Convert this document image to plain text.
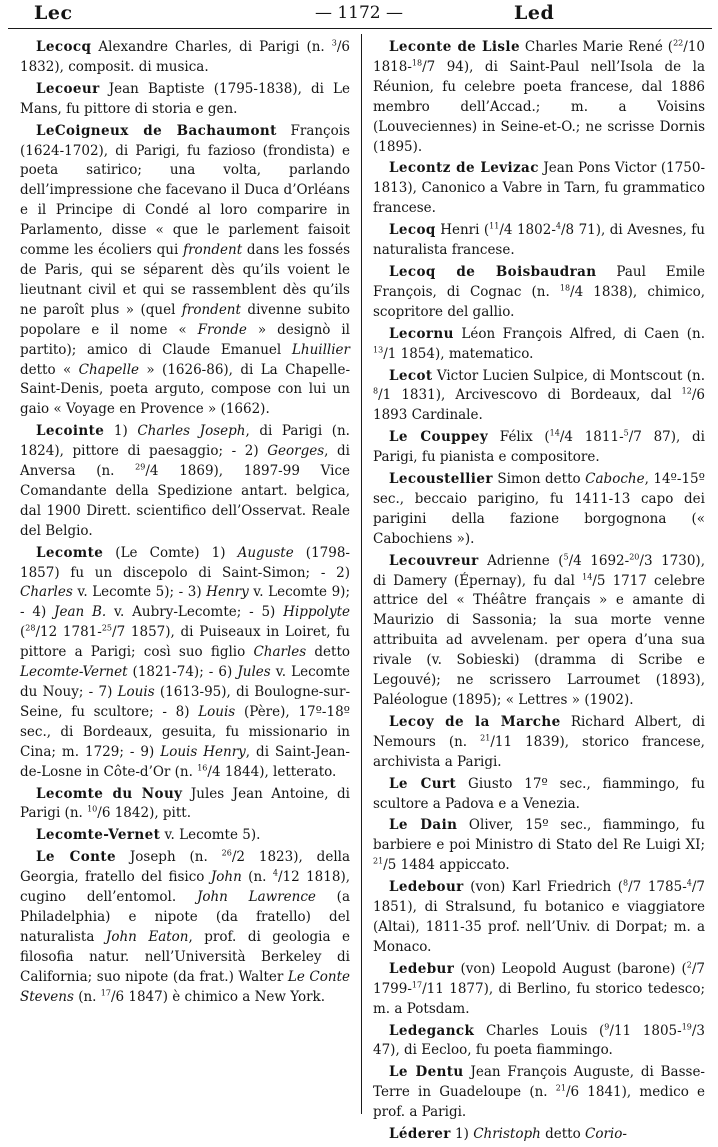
Lec	— 1172 —	Led

Lecocq Alexandre Charles, di Parigi (n. $^3$/6 1832), composit. di musica.

Lecoeur Jean Baptiste (1795-1838), di Le Mans, fu pittore di storia e gen.

LeCoigneux de Bachaumont François (1624-1702), di Parigi, fu fazioso (frondista) e poeta satirico; una volta, parlando dell’impressione che facevano il Duca d’Orléans e il Principe di Condé al loro comparire in Parlamento, disse « que le parlement faisoit comme les écoliers qui frondent dans les fossés de Paris, qui se séparent dès qu’ils voient le lieutnant civil et qui se rassemblent dès qu’ils ne paroît plus » (quel frondent divenne subito popolare e il nome « Fronde » designò il partito); amico di Claude Emanuel Lhuillier detto « Chapelle » (1626-86), di La Chapelle-Saint-Denis, poeta arguto, compose con lui un gaio « Voyage en Provence » (1662).

Lecointe 1) Charles Joseph, di Parigi (n. 1824), pittore di paesaggio; - 2) Georges, di Anversa (n. $^{29}$/4 1869), 1897-99 Vice Comandante della Spedizione antart. belgica, dal 1900 Dirett. scientifico dell’Osservat. Reale del Belgio.

Lecomte (Le Comte) 1) Auguste (1798-1857) fu un discepolo di Saint-Simon; - 2) Charles v. Lecomte 5); - 3) Henry v. Lecomte 9); - 4) Jean B. v. Aubry-Lecomte; - 5) Hippolyte ($^{28}$/12 1781-$^{25}$/7 1857), di Puiseaux in Loiret, fu pittore a Parigi; così suo figlio Charles detto Lecomte-Vernet (1821-74); - 6) Jules v. Lecomte du Nouy; - 7) Louis (1613-95), di Boulogne-sur-Seine, fu scultore; - 8) Louis (Père), 17º-18º sec., di Bordeaux, gesuita, fu missionario in Cina; m. 1729; - 9) Louis Henry, di Saint-Jean-de-Losne in Côte-d’Or (n. $^{16}$/4 1844), letterato.

Lecomte du Nouy Jules Jean Antoine, di Parigi (n. $^{10}$/6 1842), pitt.

Lecomte-Vernet v. Lecomte 5).

Le Conte Joseph (n. $^{26}$/2 1823), della Georgia, fratello del fisico John (n. $^4$/12 1818), cugino dell’entomol. John Lawrence (a Philadelphia) e nipote (da fratello) del naturalista John Eaton, prof. di geologia e filosofia natur. nell’Università Berkeley di California; suo nipote (da frat.) Walter Le Conte Stevens (n. $^{17}$/6 1847) è chimico a New York.

Leconte de Lisle Charles Marie René ($^{22}$/10 1818-$^{18}$/7 94), di Saint-Paul nell’Isola de la Réunion, fu celebre poeta francese, dal 1886 membro dell’Accad.; m. a Voisins (Louveciennes) in Seine-et-O.; ne scrisse Dornis (1895).

Lecontz de Levizac Jean Pons Victor (1750-1813), Canonico a Vabre in Tarn, fu grammatico francese.

Lecoq Henri ($^{11}$/4 1802-$^4$/8 71), di Avesnes, fu naturalista francese.

Lecoq de Boisbaudran Paul Emile François, di Cognac (n. $^{18}$/4 1838), chimico, scopritore del gallio.

Lecornu Léon François Alfred, di Caen (n. $^{13}$/1 1854), matematico.

Lecot Victor Lucien Sulpice, di Montscout (n. $^8$/1 1831), Arcivescovo di Bordeaux, dal $^{12}$/6 1893 Cardinale.

Le Couppey Félix ($^{14}$/4 1811-$^5$/7 87), di Parigi, fu pianista e compositore.

Lecoustellier Simon detto Caboche, 14º-15º sec., beccaio parigino, fu 1411-13 capo dei parigini della fazione borgognona (« Cabochiens »).

Lecouvreur Adrienne ($^5$/4 1692-$^{20}$/3 1730), di Damery (Épernay), fu dal $^{14}$/5 1717 celebre attrice del « Théâtre français » e amante di Maurizio di Sassonia; la sua morte venne attribuita ad avvelenam. per opera d’una sua rivale (v. Sobieski) (dramma di Scribe e Legouvé); ne scrissero Larroumet (1893), Paléologue (1895); « Lettres » (1902).

Lecoy de la Marche Richard Albert, di Nemours (n. $^{21}$/11 1839), storico francese, archivista a Parigi.

Le Curt Giusto 17º sec., fiammingo, fu scultore a Padova e a Venezia.

Le Dain Oliver, 15º sec., fiammingo, fu barbiere e poi Ministro di Stato del Re Luigi XI; $^{21}$/5 1484 appiccato.

Ledebour (von) Karl Friedrich ($^8$/7 1785-$^4$/7 1851), di Stralsund, fu botanico e viaggiatore (Altai), 1811-35 prof. nell’Univ. di Dorpat; m. a Monaco.

Ledebur (von) Leopold August (barone) ($^2$/7 1799-$^{17}$/11 1877), di Berlino, fu storico tedesco; m. a Potsdam.

Ledeganck Charles Louis ($^9$/11 1805-$^{19}$/3 47), di Eecloo, fu poeta fiammingo.

Le Dentu Jean François Auguste, di Basse-Terre in Guadeloupe (n. $^{21}$/6 1841), medico e prof. a Parigi.

Léderer 1) Christoph detto Corio-
